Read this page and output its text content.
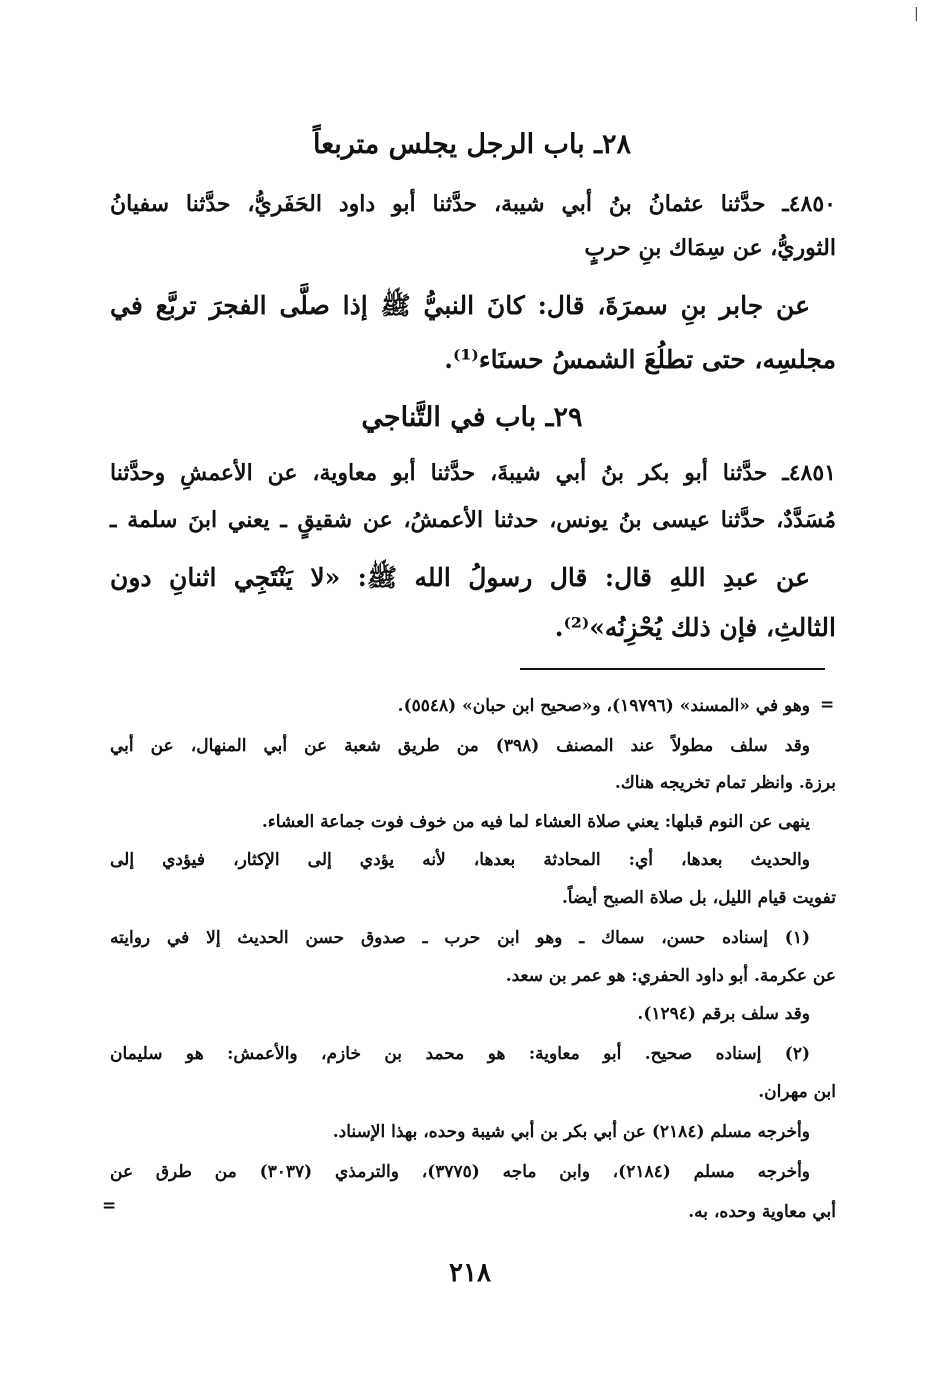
|
٢٨ـ باب الرجل يجلس متربعاً

٤٨٥٠ـ حدَّثنا عثمانُ بنُ أبي شيبة، حدَّثنا أبو داود الحَفَريُّ، حدَّثنا سفيانُ

الثوريُّ، عن سِمَاك بنِ حربٍ

عن جابر بنِ سمرَةَ، قال: كانَ النبيُّ ﷺ إذا صلَّى الفجرَ تربَّع في

مجلسِه، حتى تطلُعَ الشمسُ حسنَاء⁽¹⁾.

٢٩ـ باب في التَّناجي

٤٨٥١ـ حدَّثنا أبو بكر بنُ أبي شيبةَ، حدَّثنا أبو معاوية، عن الأعمشِ وحدَّثنا

مُسَدَّدٌ، حدَّثنا عيسى بنُ يونس، حدثنا الأعمشُ، عن شقيقٍ ـ يعني ابنَ سلمة ـ

عن عبدِ اللهِ قال: قال رسولُ الله ﷺ: «لا يَنْتَجِي اثنانِ دون

الثالثِ، فإن ذلك يُحْزِنُه»⁽²⁾.

=

وهو في «المسند» (١٩٧٩٦)، و«صحيح ابن حبان» (٥٥٤٨).

وقد سلف مطولاً عند المصنف (٣٩٨) من طريق شعبة عن أبي المنهال، عن أبي

برزة. وانظر تمام تخريجه هناك.

ينهى عن النوم قبلها: يعني صلاة العشاء لما فيه من خوف فوت جماعة العشاء.

والحديث بعدها، أي: المحادثة بعدها، لأنه يؤدي إلى الإكثار، فيؤدي إلى

تفويت قيام الليل، بل صلاة الصبح أيضاً.

(١) إسناده حسن، سماك ـ وهو ابن حرب ـ صدوق حسن الحديث إلا في روايته

عن عكرمة. أبو داود الحفري: هو عمر بن سعد.

وقد سلف برقم (١٢٩٤).

(٢) إسناده صحيح. أبو معاوية: هو محمد بن خازم، والأعمش: هو سليمان

ابن مهران.

وأخرجه مسلم (٢١٨٤) عن أبي بكر بن أبي شيبة وحده، بهذا الإسناد.

وأخرجه مسلم (٢١٨٤)، وابن ماجه (٣٧٧٥)، والترمذي (٣٠٣٧) من طرق عن

أبي معاوية وحده، به.

=
٢١٨
